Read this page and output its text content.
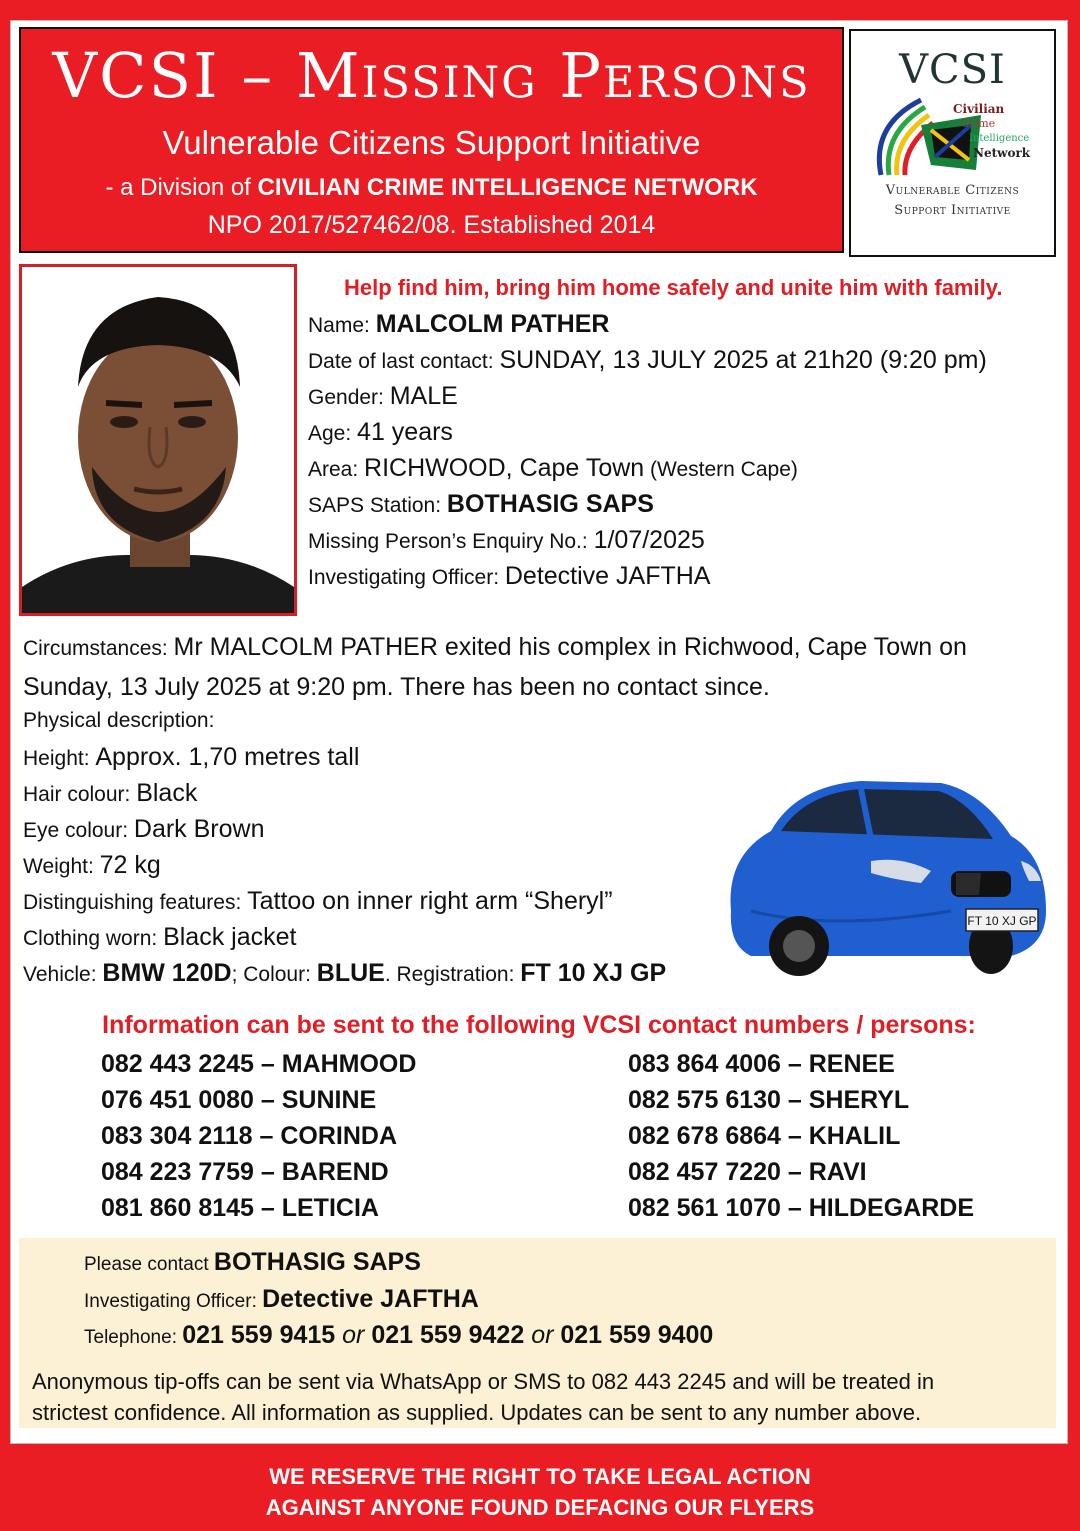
VCSI – Missing Persons
Vulnerable Citizens Support Initiative
- a Division of CIVILIAN CRIME INTELLIGENCE NETWORK
NPO 2017/527462/08. Established 2014
VCSI
Civilian
Crime
Intelligence
Network
Vulnerable Citizens
Support Initiative
Help find him, bring him home safely and unite him with family.
Name: MALCOLM PATHER
Date of last contact: SUNDAY, 13 JULY 2025 at 21h20 (9:20 pm)
Gender: MALE
Age: 41 years
Area: RICHWOOD, Cape Town (Western Cape)
SAPS Station: BOTHASIG SAPS
Missing Person’s Enquiry No.: 1/07/2025
Investigating Officer: Detective JAFTHA
Circumstances: Mr MALCOLM PATHER exited his complex in Richwood, Cape Town on
Sunday, 13 July 2025 at 9:20 pm. There has been no contact since.
Physical description:
Height: Approx. 1,70 metres tall
Hair colour: Black
Eye colour: Dark Brown
Weight: 72 kg
Distinguishing features: Tattoo on inner right arm “Sheryl”
Clothing worn: Black jacket
Vehicle: BMW 120D; Colour: BLUE. Registration: FT 10 XJ GP
FT 10 XJ GP
Information can be sent to the following VCSI contact numbers / persons:
082 443 2245 – MAHMOOD
076 451 0080 – SUNINE
083 304 2118 – CORINDA
084 223 7759 – BAREND
081 860 8145 – LETICIA
083 864 4006 – RENEE
082 575 6130 – SHERYL
082 678 6864 – KHALIL
082 457 7220 – RAVI
082 561 1070 – HILDEGARDE
Please contact BOTHASIG SAPS
Investigating Officer: Detective JAFTHA
Telephone: 021 559 9415 or 021 559 9422 or 021 559 9400
Anonymous tip-offs can be sent via WhatsApp or SMS to 082 443 2245 and will be treated in
strictest confidence. All information as supplied. Updates can be sent to any number above.
WE RESERVE THE RIGHT TO TAKE LEGAL ACTION
AGAINST ANYONE FOUND DEFACING OUR FLYERS
